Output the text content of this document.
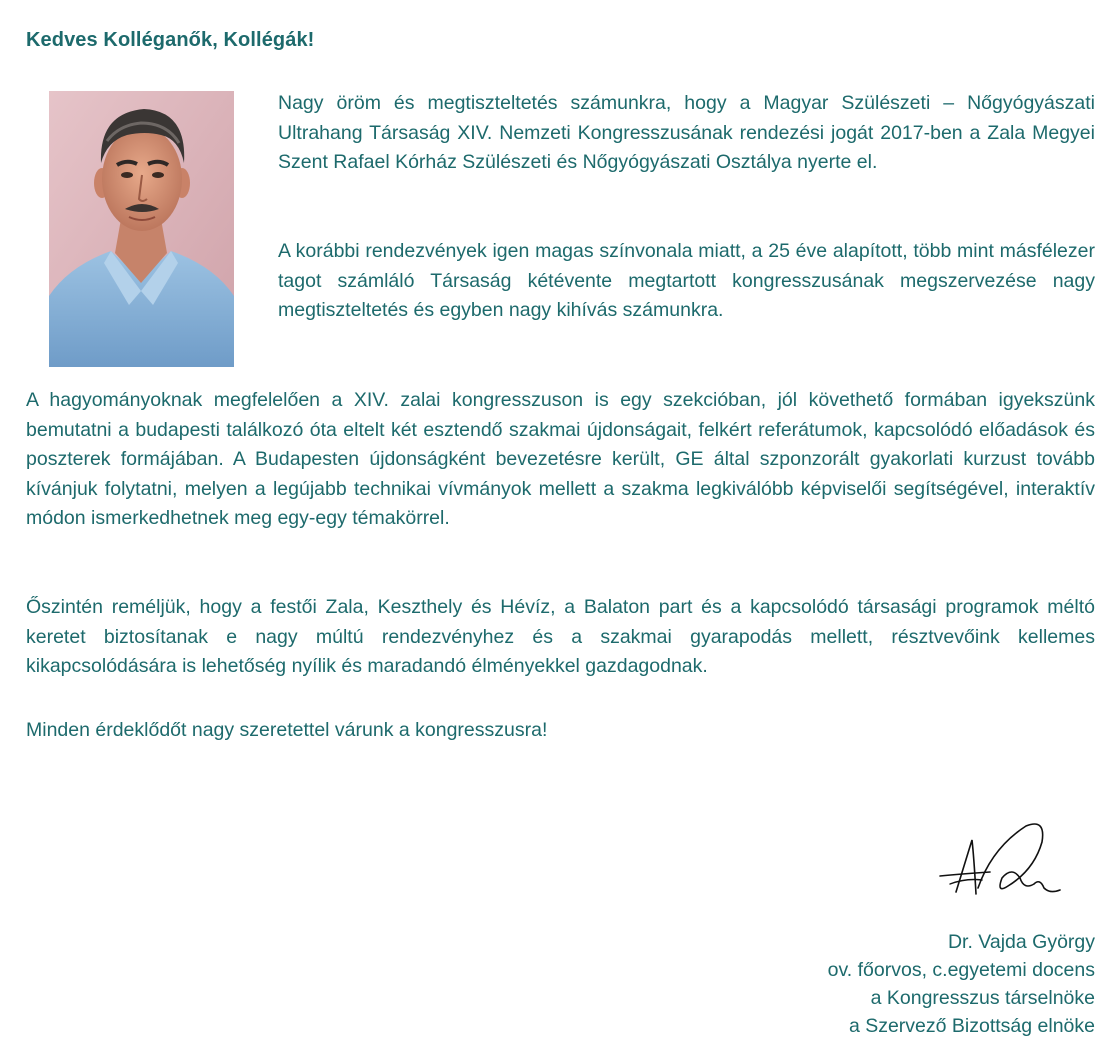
Kedves Kolléganők, Kollégák!

Nagy öröm és megtiszteltetés számunkra, hogy a Magyar Szülészeti – Nőgyógyászati Ultrahang Társaság XIV. Nemzeti Kongresszusának rendezési jogát 2017-ben a Zala Megyei Szent Rafael Kórház Szülészeti és Nőgyógyászati Osztálya nyerte el.

A korábbi rendezvények igen magas színvonala miatt, a 25 éve alapított, több mint másfélezer tagot számláló Társaság kétévente megtartott kongresszusának megszervezése nagy megtiszteltetés és egyben nagy kihívás számunkra.

A hagyományoknak megfelelően a XIV. zalai kongresszuson is egy szekcióban, jól követhető formában igyekszünk bemutatni a budapesti találkozó óta eltelt két esztendő szakmai újdonságait, felkért referátumok, kapcsolódó előadások és poszterek formájában. A Budapesten újdonságként bevezetésre került, GE által szponzorált gyakorlati kurzust tovább kívánjuk folytatni, melyen a legújabb technikai vívmányok mellett a szakma legkiválóbb képviselői segítségével, interaktív módon ismerkedhetnek meg egy-egy témakörrel.

Őszintén reméljük, hogy a festői Zala, Keszthely és Hévíz, a Balaton part és a kapcsolódó társasági programok méltó keretet biztosítanak e nagy múltú rendezvényhez és a szakmai gyarapodás mellett, résztvevőink kellemes kikapcsolódására is lehetőség nyílik és maradandó élményekkel gazdagodnak.

Minden érdeklődőt nagy szeretettel várunk a kongresszusra!

Dr. Vajda György
ov. főorvos, c.egyetemi docens
a Kongresszus társelnöke
a Szervező Bizottság elnöke
